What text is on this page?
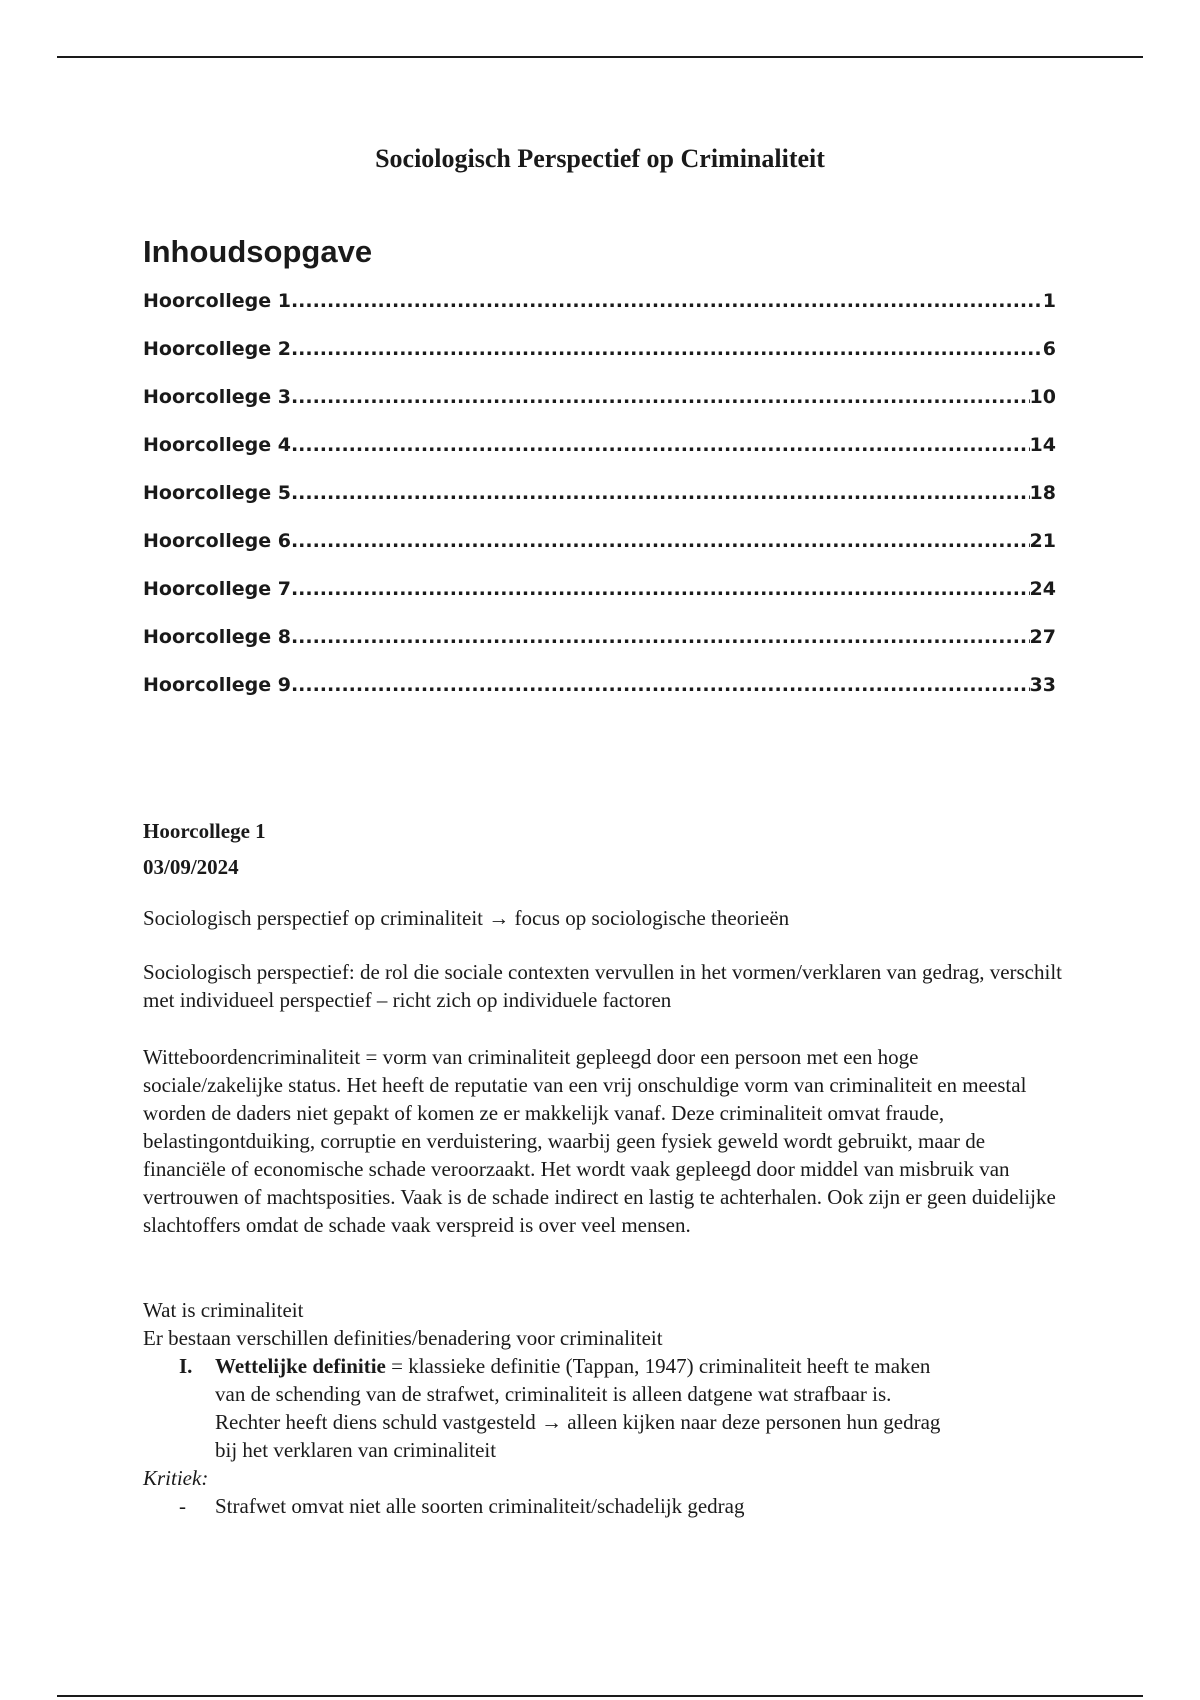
Sociologisch Perspectief op Criminaliteit
Inhoudsopgave
Hoorcollege 1 .....	1
Hoorcollege 2 .....	6
Hoorcollege 3 .....	10
Hoorcollege 4 .....	14
Hoorcollege 5 .....	18
Hoorcollege 6 .....	21
Hoorcollege 7 .....	24
Hoorcollege 8 .....	27
Hoorcollege 9 .....	33

Hoorcollege 1

03/09/2024

Sociologisch perspectief op criminaliteit → focus op sociologische theorieën

Sociologisch perspectief: de rol die sociale contexten vervullen in het vormen/verklaren van gedrag, verschilt met individueel perspectief – richt zich op individuele factoren

Witteboordencriminaliteit = vorm van criminaliteit gepleegd door een persoon met een hoge sociale/zakelijke status. Het heeft de reputatie van een vrij onschuldige vorm van criminaliteit en meestal worden de daders niet gepakt of komen ze er makkelijk vanaf. Deze criminaliteit omvat fraude, belastingontduiking, corruptie en verduistering, waarbij geen fysiek geweld wordt gebruikt, maar de financiële of economische schade veroorzaakt. Het wordt vaak gepleegd door middel van misbruik van vertrouwen of machtsposities. Vaak is de schade indirect en lastig te achterhalen. Ook zijn er geen duidelijke slachtoffers omdat de schade vaak verspreid is over veel mensen.

Wat is criminaliteit

Er bestaan verschillen definities/benadering voor criminaliteit

I.	Wettelijke definitie = klassieke definitie (Tappan, 1947) criminaliteit heeft te maken van de schending van de strafwet, criminaliteit is alleen datgene wat strafbaar is. Rechter heeft diens schuld vastgesteld → alleen kijken naar deze personen hun gedrag bij het verklaren van criminaliteit

Kritiek:

-	Strafwet omvat niet alle soorten criminaliteit/schadelijk gedrag
